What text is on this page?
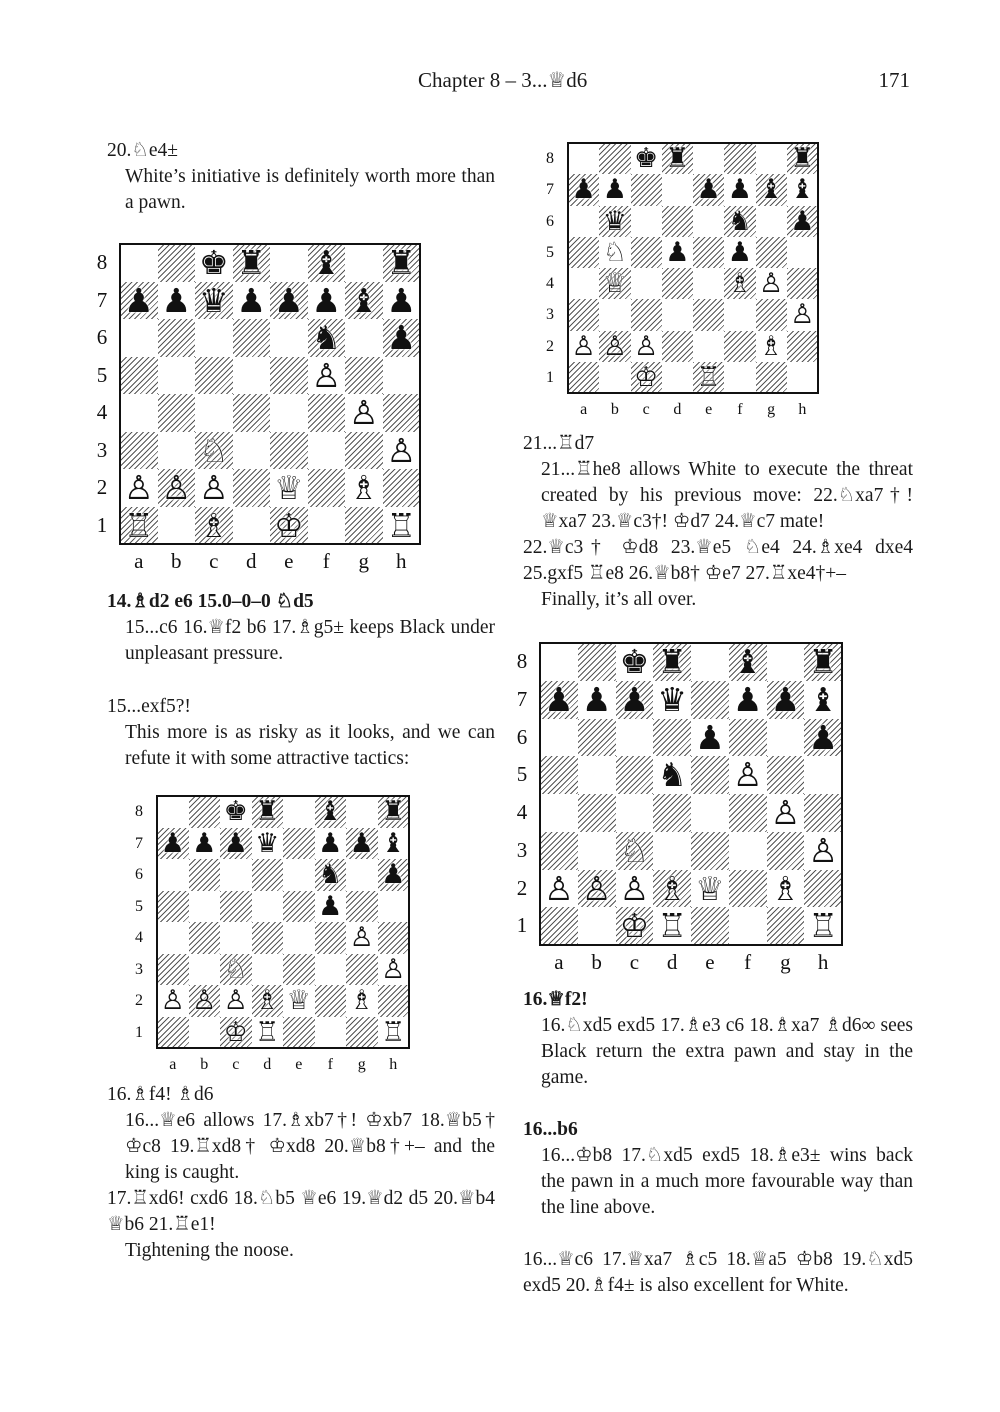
Chapter 8 – 3...♕d6	171

20.♘e4±

White’s initiative is definitely worth more than a pawn.

♚ ♜ ♝ ♜
♟ ♟ ♛ ♟ ♟ ♟ ♝ ♟
♞ ♟
♙
♙
♘	♙
♙ ♙ ♙ ♕ ♗
♖ ♗ ♔	♖
8
7
6
5
4
3
2
1
a	b	c	d	e	f	g	h

14.♗d2 e6 15.0–0–0 ♘d5

15...c6 16.♕f2 b6 17.♗g5± keeps Black under unpleasant pressure.

15...exf5?!

This more is as risky as it looks, and we can refute it with some attractive tactics:

♚ ♜ ♝ ♜
♟ ♟ ♟ ♛ ♟ ♟ ♝
♞ ♟
♟
♙
♘	♙
♙ ♙ ♙ ♗ ♕ ♗
♔ ♖	♖
8
7
6
5
4
3
2
1
a	b	c	d	e	f	g	h

16.♗f4! ♗d6

16...♕e6 allows 17.♗xb7†! ♔xb7 18.♕b5† ♔c8 19.♖xd8† ♔xd8 20.♕b8†+– and the king is caught.

17.♖xd6! cxd6 18.♘b5 ♕e6 19.♕d2 d5 20.♕b4 ♕b6 21.♖e1!

Tightening the noose.

♚ ♜	♜
♟ ♟	♟ ♟ ♝ ♝
♛	♞ ♟
♘ ♟ ♟
♕	♗ ♙
♙
♙ ♙ ♙	♗
♔ ♖
8
7
6
5
4
3
2
1
a	b	c	d	e	f	g	h

21...♖d7

21...♖he8 allows White to execute the threat created by his previous move: 22.♘xa7†! ♕xa7 23.♕c3†! ♔d7 24.♕c7 mate!

22.♕c3† ♔d8 23.♕e5 ♘e4 24.♗xe4 dxe4 25.gxf5 ♖e8 26.♕b8† ♔e7 27.♖xe4†+–

Finally, it’s all over.

♚ ♜ ♝ ♜
♟ ♟ ♟ ♛ ♟ ♟ ♝
♟	♟
♞ ♙
♙
♘	♙
♙ ♙ ♙ ♗ ♕ ♗
♔ ♖	♖
8
7
6
5
4
3
2
1
a	b	c	d	e	f	g	h

16.♕f2!

16.♘xd5 exd5 17.♗e3 c6 18.♗xa7 ♗d6∞ sees Black return the extra pawn and stay in the game.

16...b6

16...♔b8 17.♘xd5 exd5 18.♗e3± wins back the pawn in a much more favourable way than the line above.

16...♕c6 17.♕xa7 ♗c5 18.♕a5 ♔b8 19.♘xd5 exd5 20.♗f4± is also excellent for White.
